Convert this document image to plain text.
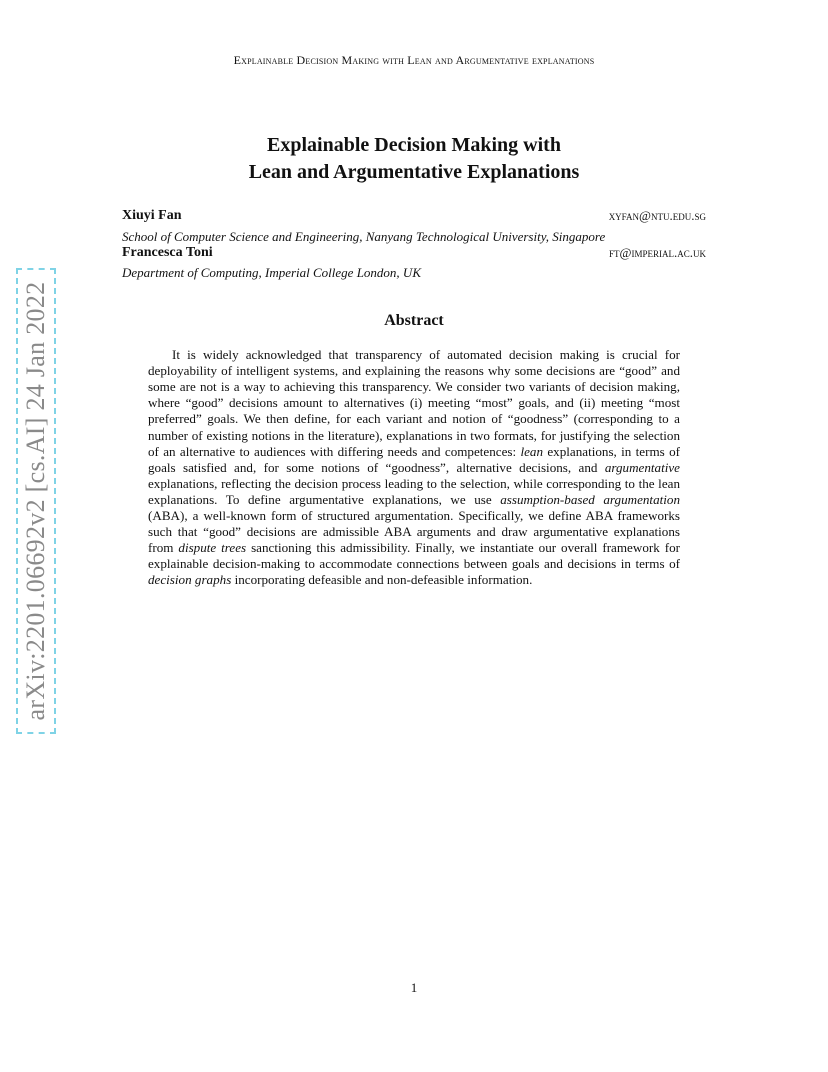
Explainable Decision Making with Lean and Argumentative explanations
Explainable Decision Making with
Lean and Argumentative Explanations
Xiuyi Fan	xyfan@ntu.edu.sg
School of Computer Science and Engineering, Nanyang Technological University, Singapore
Francesca Toni	ft@imperial.ac.uk
Department of Computing, Imperial College London, UK
Abstract

It is widely acknowledged that transparency of automated decision making is crucial for deployability of intelligent systems, and explaining the reasons why some decisions are “good” and some are not is a way to achieving this transparency. We consider two variants of decision making, where “good” decisions amount to alternatives (i) meeting “most” goals, and (ii) meeting “most preferred” goals. We then define, for each variant and notion of “goodness” (corresponding to a number of existing notions in the literature), explanations in two formats, for justifying the selection of an alternative to audiences with differing needs and competences: lean explanations, in terms of goals satisfied and, for some notions of “goodness”, alternative decisions, and argumentative explanations, reflecting the decision process leading to the selection, while corresponding to the lean explanations. To define argumentative explanations, we use assumption-based argumentation (ABA), a well-known form of structured argumentation. Specifically, we define ABA frameworks such that “good” decisions are admissible ABA arguments and draw argumentative explanations from dispute trees sanctioning this admissibility. Finally, we instantiate our overall framework for explainable decision-making to accommodate connections between goals and decisions in terms of decision graphs incorporating defeasible and non-defeasible information.

1
arXiv:2201.06692v2 [cs.AI] 24 Jan 2022
